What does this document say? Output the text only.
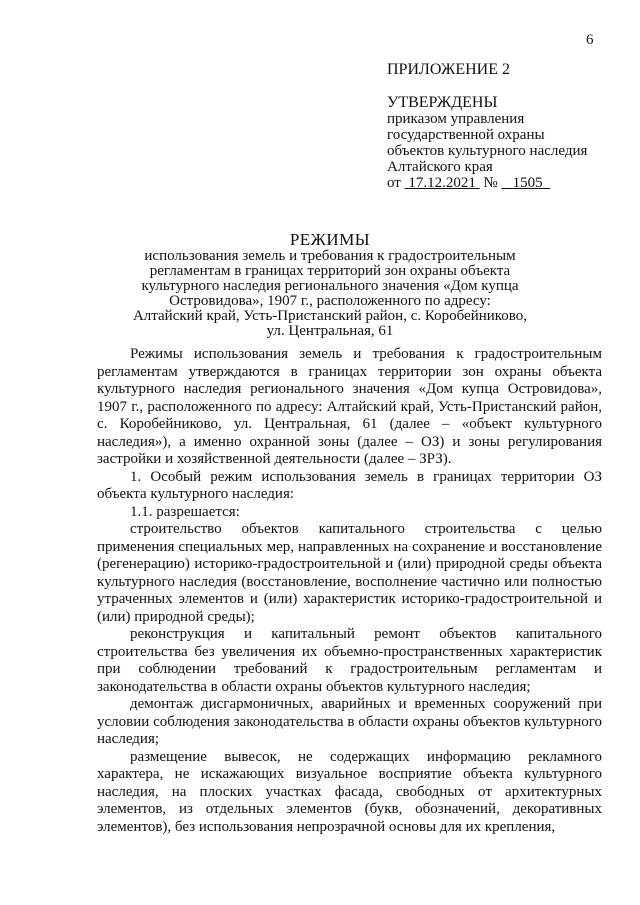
6
ПРИЛОЖЕНИЕ 2
УТВЕРЖДЕНЫ
приказом управления
государственной охраны
объектов культурного наследия
Алтайского края
от  17.12.2021  №    1505
РЕЖИМЫ
использования земель и требования к градостроительным
регламентам в границах территорий зон охраны объекта
культурного наследия регионального значения «Дом купца
Островидова», 1907 г., расположенного по адресу:
Алтайский край, Усть-Пристанский район, с. Коробейниково,
ул. Центральная, 61

Режимы использования земель и требования к градостроительным регламентам утверждаются в границах территории зон охраны объекта культурного наследия регионального значения «Дом купца Островидова», 1907 г., расположенного по адресу: Алтайский край, Усть-Пристанский район, с. Коробейниково, ул. Центральная, 61 (далее – «объект культурного наследия»), а именно охранной зоны (далее – ОЗ) и зоны регулирования застройки и хозяйственной деятельности (далее – ЗРЗ).

1. Особый режим использования земель в границах территории ОЗ объекта культурного наследия:

1.1. разрешается:

строительство объектов капитального строительства с целью применения специальных мер, направленных на сохранение и восстановление (регенерацию) историко-градостроительной и (или) природной среды объекта культурного наследия (восстановление, восполнение частично или полностью утраченных элементов и (или) характеристик историко-градостроительной и (или) природной среды);

реконструкция и капитальный ремонт объектов капитального строительства без увеличения их объемно-пространственных характеристик при соблюдении требований к градостроительным регламентам и законодательства в области охраны объектов культурного наследия;

демонтаж дисгармоничных, аварийных и временных сооружений при условии соблюдения законодательства в области охраны объектов культурного наследия;

размещение вывесок, не содержащих информацию рекламного характера, не искажающих визуальное восприятие объекта культурного наследия, на плоских участках фасада, свободных от архитектурных элементов, из отдельных элементов (букв, обозначений, декоративных элементов), без использования непрозрачной основы для их крепления,
